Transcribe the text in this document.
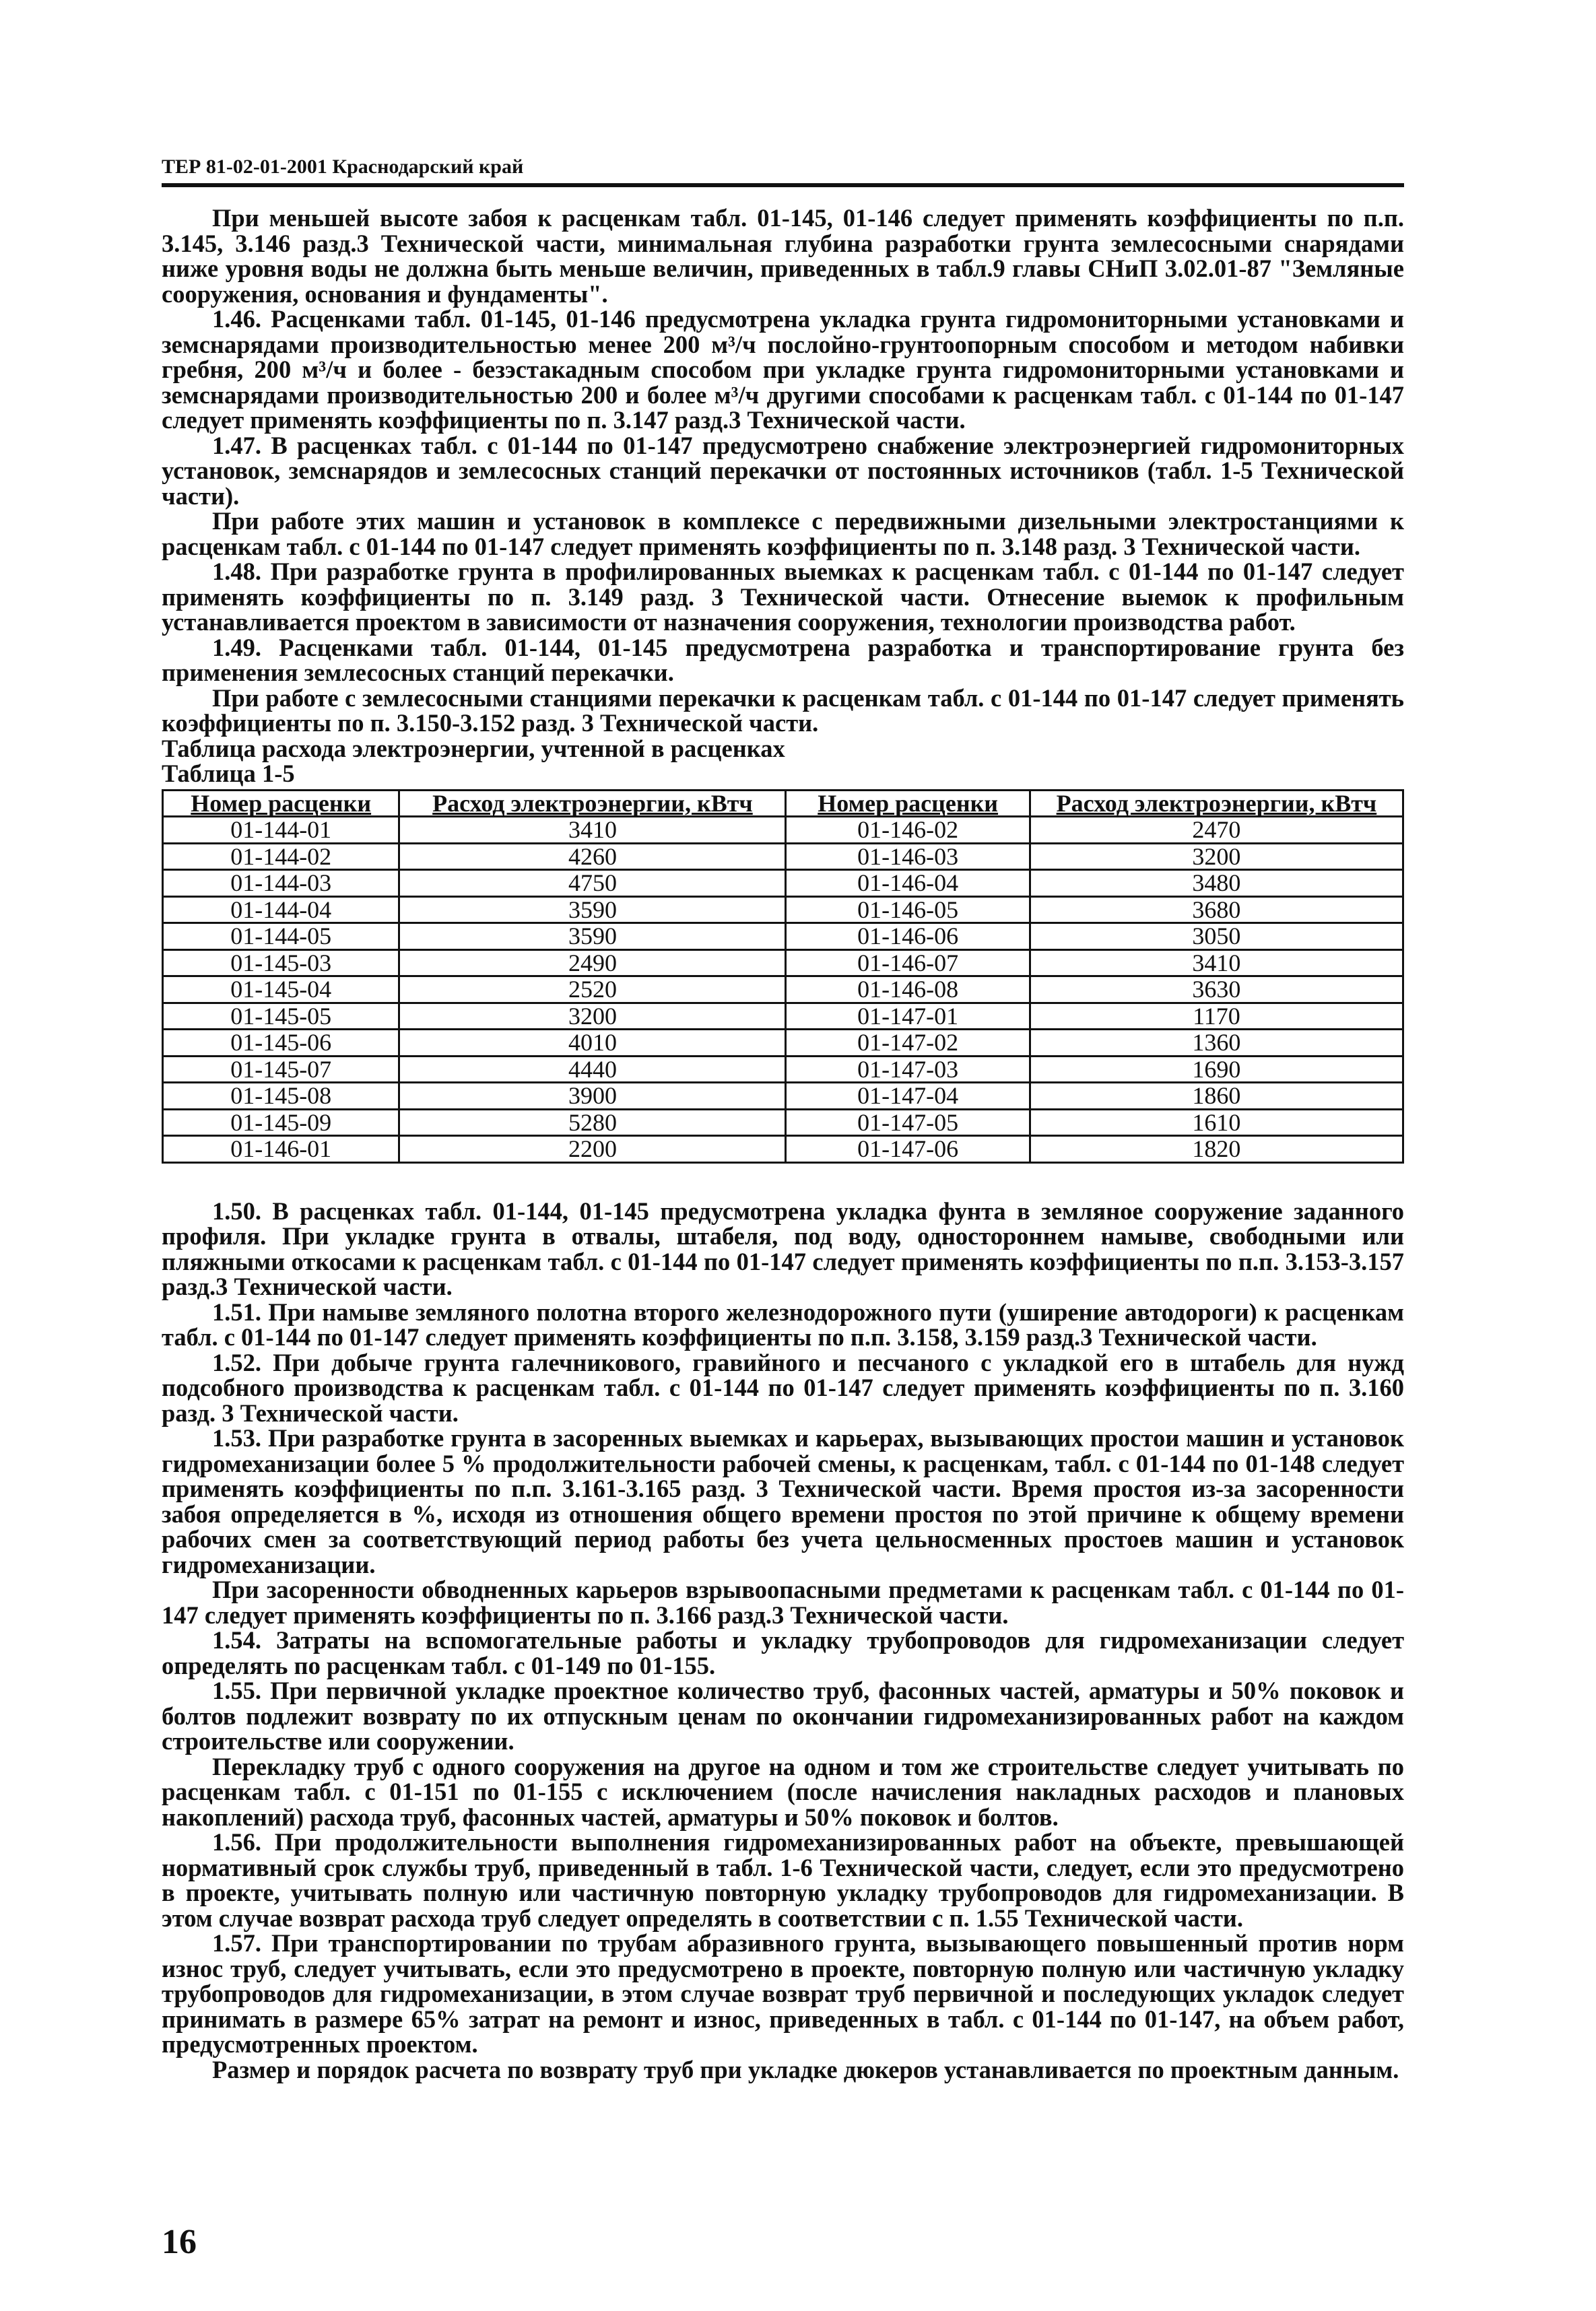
ТЕР 81-02-01-2001 Краснодарский край

При меньшей высоте забоя к расценкам табл. 01-145, 01-146 следует применять коэффициенты по п.п. 3.145, 3.146 разд.3 Технической части, минимальная глубина разработки грунта землесосными снарядами ниже уровня воды не должна быть меньше величин, приведенных в табл.9 главы СНиП 3.02.01-87 "Земляные сооружения, основания и фундаменты".

1.46. Расценками табл. 01-145, 01-146 предусмотрена укладка грунта гидромониторными установками и земснарядами производительностью менее 200 м³/ч послойно-грунтоопорным способом и методом набивки гребня, 200 м³/ч и более - безэстакадным способом при укладке грунта гидромониторными установками и земснарядами производительностью 200 и более м³/ч другими способами к расценкам табл. с 01-144 по 01-147 следует применять коэффициенты по п. 3.147 разд.3 Технической части.

1.47. В расценках табл. с 01-144 по 01-147 предусмотрено снабжение электроэнергией гидромониторных установок, земснарядов и землесосных станций перекачки от постоянных источников (табл. 1-5 Технической части).

При работе этих машин и установок в комплексе с передвижными дизельными электростанциями к расценкам табл. с 01-144 по 01-147 следует применять коэффициенты по п. 3.148 разд. 3 Технической части.

1.48. При разработке грунта в профилированных выемках к расценкам табл. с 01-144 по 01-147 следует применять коэффициенты по п. 3.149 разд. 3 Технической части. Отнесение выемок к профильным устанавливается проектом в зависимости от назначения сооружения, технологии производства работ.

1.49. Расценками табл. 01-144, 01-145 предусмотрена разработка и транспортирование грунта без применения землесосных станций перекачки.

При работе с землесосными станциями перекачки к расценкам табл. с 01-144 по 01-147 следует применять коэффициенты по п. 3.150-3.152 разд. 3 Технической части.

Таблица расхода электроэнергии, учтенной в расценках

Таблица 1-5

Номер расценки	Расход электроэнергии, кВтч	Номер расценки	Расход электроэнергии, кВтч
01-144-01	3410	01-146-02	2470
01-144-02	4260	01-146-03	3200
01-144-03	4750	01-146-04	3480
01-144-04	3590	01-146-05	3680
01-144-05	3590	01-146-06	3050
01-145-03	2490	01-146-07	3410
01-145-04	2520	01-146-08	3630
01-145-05	3200	01-147-01	1170
01-145-06	4010	01-147-02	1360
01-145-07	4440	01-147-03	1690
01-145-08	3900	01-147-04	1860
01-145-09	5280	01-147-05	1610
01-146-01	2200	01-147-06	1820

1.50. В расценках табл. 01-144, 01-145 предусмотрена укладка фунта в земляное сооружение заданного профиля. При укладке грунта в отвалы, штабеля, под воду, одностороннем намыве, свободными или пляжными откосами к расценкам табл. с 01-144 по 01-147 следует применять коэффициенты по п.п. 3.153-3.157 разд.3 Технической части.

1.51. При намыве земляного полотна второго железнодорожного пути (уширение автодороги) к расценкам табл. с 01-144 по 01-147 следует применять коэффициенты по п.п. 3.158, 3.159 разд.3 Технической части.

1.52. При добыче грунта галечникового, гравийного и песчаного с укладкой его в штабель для нужд подсобного производства к расценкам табл. с 01-144 по 01-147 следует применять коэффициенты по п. 3.160 разд. 3 Технической части.

1.53. При разработке грунта в засоренных выемках и карьерах, вызывающих простои машин и установок гидромеханизации более 5 % продолжительности рабочей смены, к расценкам, табл. с 01-144 по 01-148 следует применять коэффициенты по п.п. 3.161-3.165 разд. 3 Технической части. Время простоя из-за засоренности забоя определяется в %, исходя из отношения общего времени простоя по этой причине к общему времени рабочих смен за соответствующий период работы без учета цельносменных простоев машин и установок гидромеханизации.

При засоренности обводненных карьеров взрывоопасными предметами к расценкам табл. с 01-144 по 01-147 следует применять коэффициенты по п. 3.166 разд.3 Технической части.

1.54. Затраты на вспомогательные работы и укладку трубопроводов для гидромеханизации следует определять по расценкам табл. с 01-149 по 01-155.

1.55. При первичной укладке проектное количество труб, фасонных частей, арматуры и 50% поковок и болтов подлежит возврату по их отпускным ценам по окончании гидромеханизированных работ на каждом строительстве или сооружении.

Перекладку труб с одного сооружения на другое на одном и том же строительстве следует учитывать по расценкам табл. с 01-151 по 01-155 с исключением (после начисления накладных расходов и плановых накоплений) расхода труб, фасонных частей, арматуры и 50% поковок и болтов.

1.56. При продолжительности выполнения гидромеханизированных работ на объекте, превышающей нормативный срок службы труб, приведенный в табл. 1-6 Технической части, следует, если это предусмотрено в проекте, учитывать полную или частичную повторную укладку трубопроводов для гидромеханизации. В этом случае возврат расхода труб следует определять в соответствии с п. 1.55 Технической части.

1.57. При транспортировании по трубам абразивного грунта, вызывающего повышенный против норм износ труб, следует учитывать, если это предусмотрено в проекте, повторную полную или частичную укладку трубопроводов для гидромеханизации, в этом случае возврат труб первичной и последующих укладок следует принимать в размере 65% затрат на ремонт и износ, приведенных в табл. с 01-144 по 01-147, на объем работ, предусмотренных проектом.

Размер и порядок расчета по возврату труб при укладке дюкеров устанавливается по проектным данным.

16
